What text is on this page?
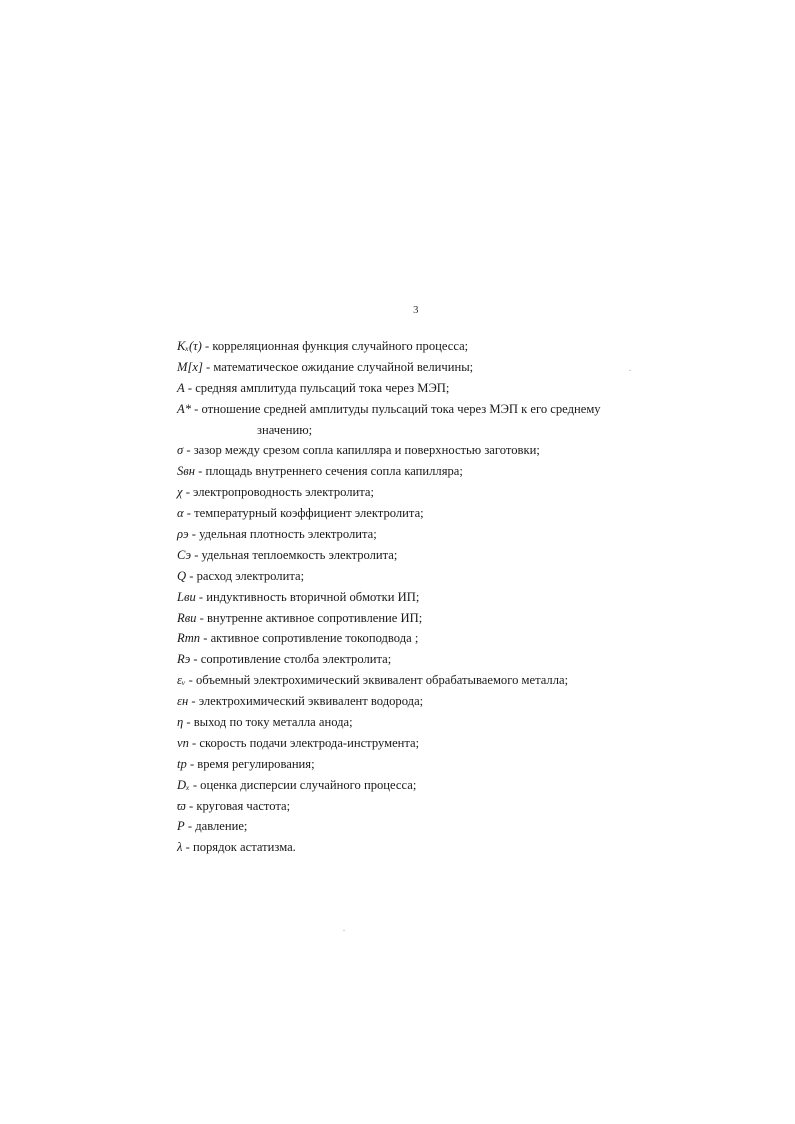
3
Kₓ(τ) - корреляционная функция случайного процесса;
M[x] - математическое ожидание случайной величины;
A - средняя амплитуда пульсаций тока через МЭП;
A* - отношение средней амплитуды пульсаций тока через МЭП к его среднему
значению;
σ - зазор между срезом сопла капилляра и поверхностью заготовки;
Sвн - площадь внутреннего сечения сопла капилляра;
χ - электропроводность электролита;
α - температурный коэффициент электролита;
ρэ - удельная плотность электролита;
Сэ - удельная теплоемкость электролита;
Q - расход электролита;
Lви - индуктивность вторичной обмотки ИП;
Rви - внутренне активное сопротивление ИП;
Rтп - активное сопротивление токоподвода ;
Rэ - сопротивление столба электролита;
εᵥ - объемный электрохимический эквивалент обрабатываемого металла;
εн - электрохимический эквивалент водорода;
η - выход по току металла анода;
vп - скорость подачи электрода-инструмента;
tр - время регулирования;
Dₓ - оценка дисперсии случайного процесса;
ϖ - круговая частота;
P - давление;
λ - порядок астатизма.
